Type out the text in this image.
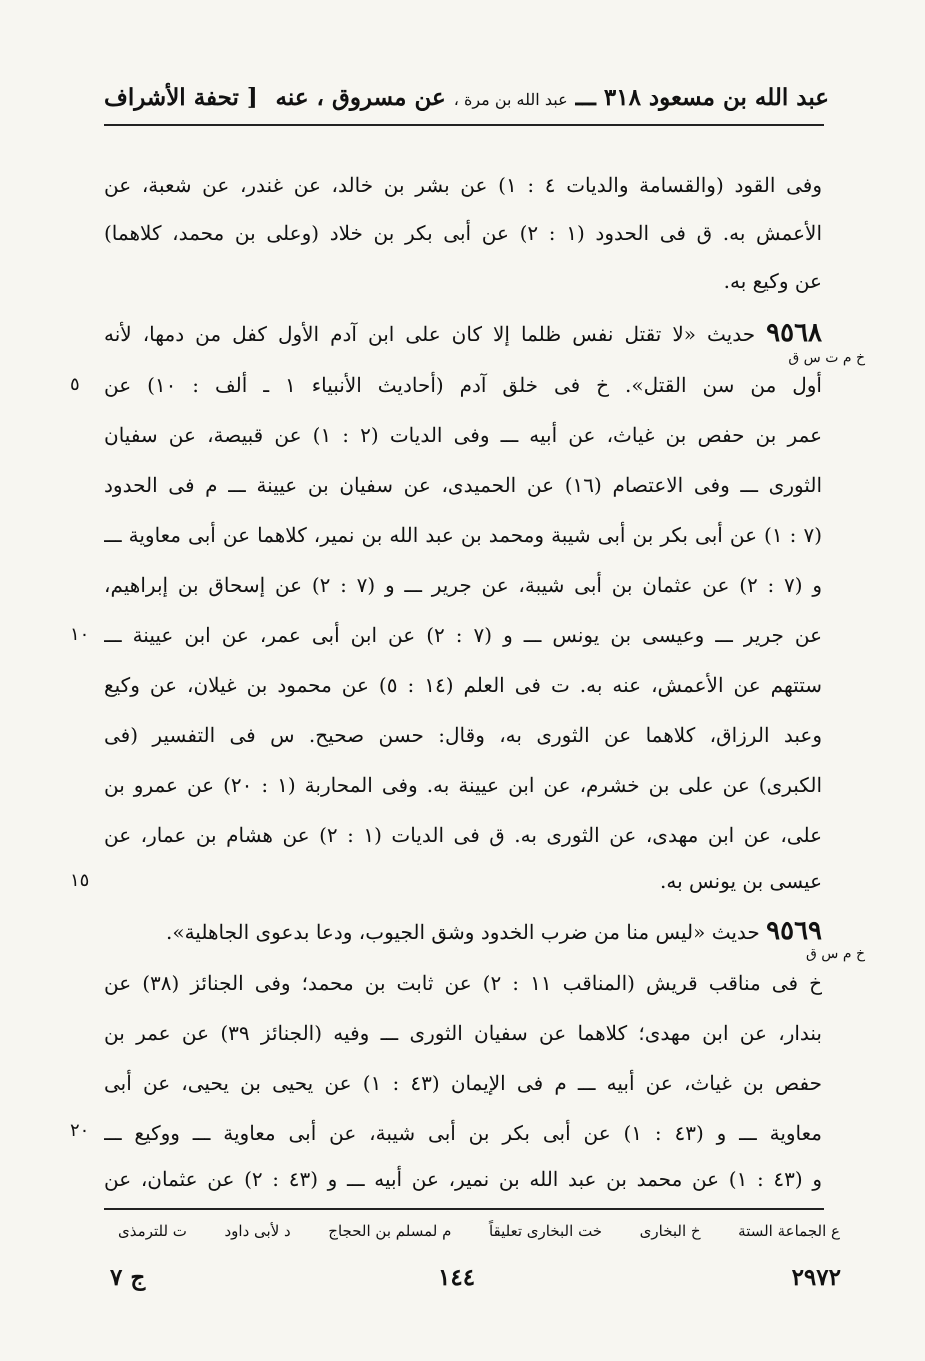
عبد الله بن مسعود ٣١٨ ـــ عبد الله بن مرة ، عن مسروق ، عنه
[ تحفة الأشراف
وفى القود (والقسامة والديات ٤ : ١) عن بشر بن خالد، عن غندر، عن شعبة، عن
الأعمش به. ق فى الحدود (١ : ٢) عن أبى بكر بن خلاد (وعلى بن محمد، كلاهما)
عن وكيع به.
٩٥٦٨ حديث «لا تقتل نفس ظلما إلا كان على ابن آدم الأول كفل من دمها، لأنه
خ م ت س ق
أول من سن القتل». خ فى خلق آدم (أحاديث الأنبياء ١ ـ ألف : ١٠) عن
عمر بن حفص بن غياث، عن أبيه ـــ وفى الديات (٢ : ١) عن قبيصة، عن سفيان
الثورى ـــ وفى الاعتصام (١٦) عن الحميدى، عن سفيان بن عيينة ـــ م فى الحدود
(٧ : ١) عن أبى بكر بن أبى شيبة ومحمد بن عبد الله بن نمير، كلاهما عن أبى معاوية ـــ
و (٧ : ٢) عن عثمان بن أبى شيبة، عن جرير ـــ و (٧ : ٢) عن إسحاق بن إبراهيم،
عن جرير ـــ وعيسى بن يونس ـــ و (٧ : ٢) عن ابن أبى عمر، عن ابن عيينة ـــ
ستتهم عن الأعمش، عنه به. ت فى العلم (١٤ : ٥) عن محمود بن غيلان، عن وكيع
وعبد الرزاق، كلاهما عن الثورى به، وقال: حسن صحيح. س فى التفسير (فى
الكبرى) عن على بن خشرم، عن ابن عيينة به. وفى المحاربة (١ : ٢٠) عن عمرو بن
على، عن ابن مهدى، عن الثورى به. ق فى الديات (١ : ٢) عن هشام بن عمار، عن
عيسى بن يونس به.
٩٥٦٩ حديث «ليس منا من ضرب الخدود وشق الجيوب، ودعا بدعوى الجاهلية».
خ م س ق
خ فى مناقب قريش (المناقب ١١ : ٢) عن ثابت بن محمد؛ وفى الجنائز (٣٨) عن
بندار، عن ابن مهدى؛ كلاهما عن سفيان الثورى ـــ وفيه (الجنائز ٣٩) عن عمر بن
حفص بن غياث، عن أبيه ـــ م فى الإيمان (٤٣ : ١) عن يحيى بن يحيى، عن أبى
معاوية ـــ و (٤٣ : ١) عن أبى بكر بن أبى شيبة، عن أبى معاوية ـــ ووكيع ـــ
و (٤٣ : ١) عن محمد بن عبد الله بن نمير، عن أبيه ـــ و (٤٣ : ٢) عن عثمان، عن
٥
١٠
١٥
٢٠
ع الجماعة الستة
خ البخارى
خت البخارى تعليقاً
م لمسلم بن الحجاج
د لأبى داود
ت للترمذى
٢٩٧٢
١٤٤
ج ٧
